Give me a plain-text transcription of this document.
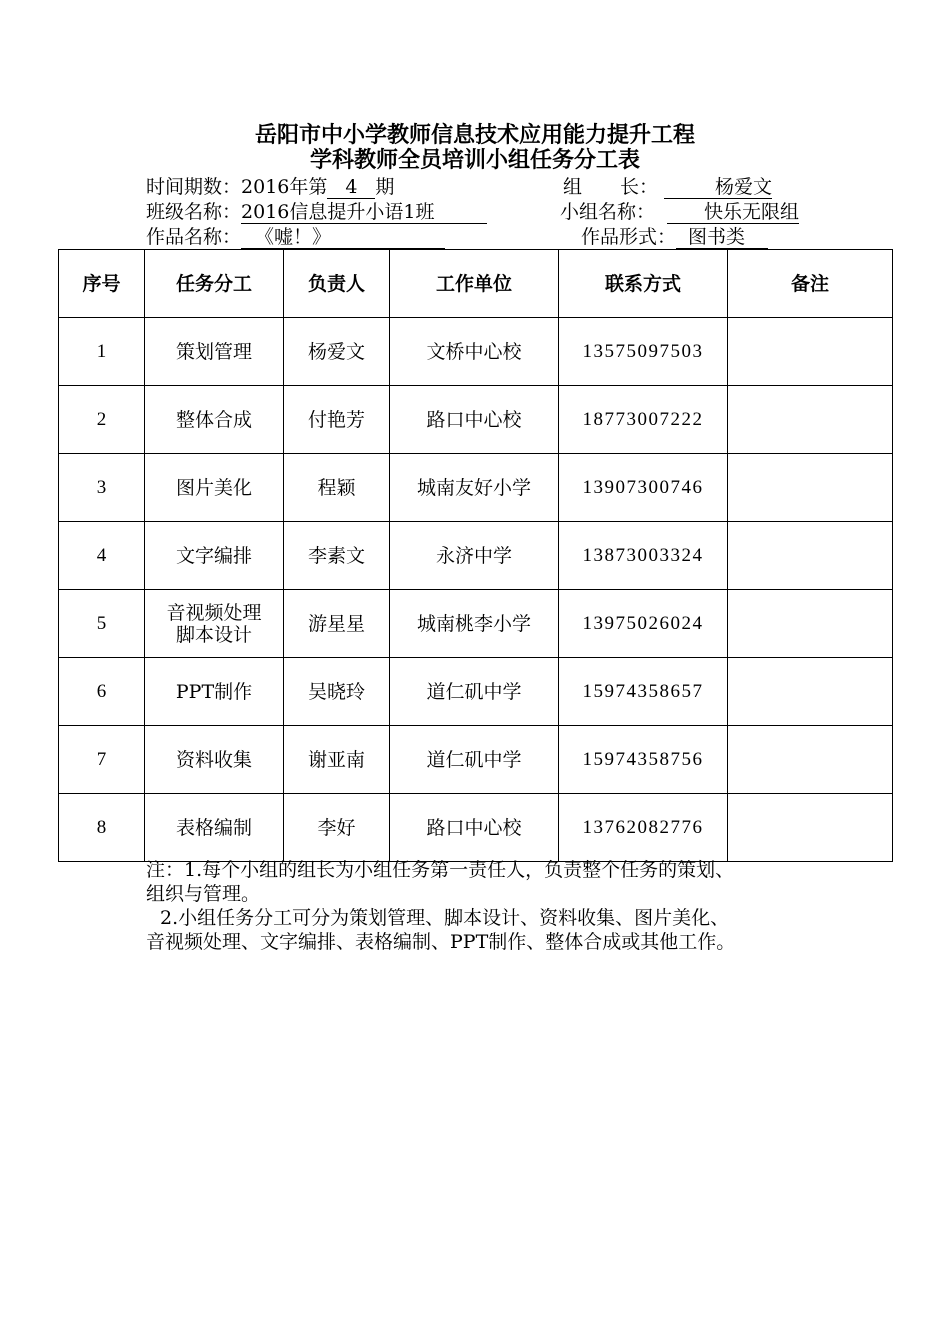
岳阳市中小学教师信息技术应用能力提升工程
学科教师全员培训小组任务分工表
时间期数：2016年第 4 期	组　　长：	杨爱文
班级名称：2016信息提升小语1班	小组名称：	快乐无限组
作品名称： 《嘘！》	作品形式： 图书类
序号	任务分工	负责人	工作单位	联系方式	备注
1	策划管理	杨爱文	文桥中心校	13575097503	
2	整体合成	付艳芳	路口中心校	18773007222	
3	图片美化	程颖	城南友好小学	13907300746	
4	文字编排	李素文	永济中学	13873003324	
5	音视频处理
脚本设计	游星星	城南桃李小学	13975026024	
6	PPT制作	吴晓玲	道仁矶中学	15974358657	
7	资料收集	谢亚南	道仁矶中学	15974358756	
8	表格编制	李好	路口中心校	13762082776	

注：1.每个小组的组长为小组任务第一责任人，负责整个任务的策划、

组织与管理。

2.小组任务分工可分为策划管理、脚本设计、资料收集、图片美化、

音视频处理、文字编排、表格编制、PPT制作、整体合成或其他工作。
